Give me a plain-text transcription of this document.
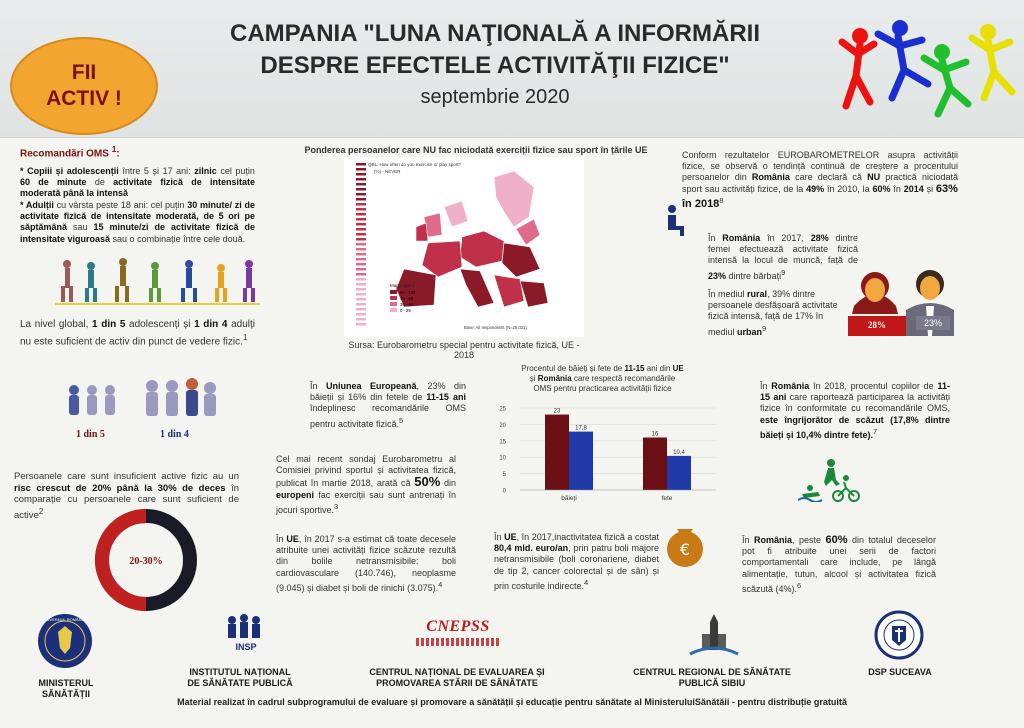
FII
ACTIV !
CAMPANIA "LUNA NAŢIONALĂ A INFORMĂRII
DESPRE EFECTELE ACTIVITĂŢII FIZICE"
septembrie 2020
Recomandări OMS $^1$:
* Copiii și adolescenții între 5 și 17 ani: zilnic cel puțin 60 de minute de activitate fizică de intensitate moderată până la intensă
* Adulții cu vârsta peste 18 ani: cel puțin 30 minute/ zi de activitate fizică de intensitate moderată, de 5 ori pe săptămână sau 15 minute/zi de activitate fizică de intensitate viguroasă sau o combinație între cele două.
La nivel global, 1 din 5 adolescenți și 1 din 4 adulți nu este suficient de activ din punct de vedere fizic.$^1$
1 din 5	1 din 4
Persoanele care sunt insuficient active fizic au un risc crescut de 20% până la 30% de deces în comparație cu persoanele care sunt suficient de active$^2$
20-30%
Ponderea persoanelor care NU fac niciodată exerciții fizice sau sport în țările UE
QB1. How often do you exercise or play sport?
(%) - NEVER
Map Legend
60 - 100
45 - 59
30 - 44
0 - 29
Base: All respondents (N=28,031)
Sursa: Eurobarometru special pentru activitate fizică, UE - 2018
În Uniunea Europeană, 23% din băieții și 16% din fetele de 11-15 ani îndeplinesc recomandările OMS pentru activitate fizică.$^5$
Cel mai recent sondaj Eurobarometru al Comisiei privind sportul și activitatea fizică, publicat în martie 2018, arată că 50% din europeni fac exerciții sau sunt antrenați în jocuri sportive.$^3$
În UE, în 2017 s-a estimat că toate decesele atribuite unei activități fizice scăzute rezultă din bolile netransmisibile: boli cardiovasculare (140.746), neoplasme (9.045) și diabet și boli de rinichi (3.075).$^4$
Procentul de băieți și fete de 11-15 ani din UE și România care respectă recomandările OMS pentru practicarea activității fizice
0
5
10
15
20
25	23
17,8
băieți
16
10,4
fete
€
În UE, în 2017,inactivitatea fizică a costat 80,4 mld. euro/an, prin patru boli majore netransmisibile (boli coronariene, diabet de tip 2, cancer colorectal și de sân) și prin costurile indirecte.$^4$
Conform rezultatelor EUROBAROMETRELOR asupra activității fizice, se observă o tendință continuă de creștere a procentului persoanelor din România care declară că NU practică niciodată sport sau activități fizice, de la 49% în 2010, la 60% în 2014 și 63% în 2018$^8$
În România în 2017, 28% dintre femei efectuează activitate fizică intensă la locul de muncă, față de 23% dintre bărbați$^9$
În mediul rural, 39% dintre persoanele desfășoară activitate fizică intensă, față de 17% în mediul urban$^9$	28%	23%
În România în 2018, procentul copiilor de 11-15 ani care raportează participarea la activități fizice în conformitate cu recomandările OMS, este îngrijorător de scăzut (17,8% dintre băieți și 10,4% dintre fete).$^7$
În România, peste 60% din totalul deceselor pot fi atribuite unei serii de factori comportamentali care include, pe lângă alimentație, tutun, alcool și activitatea fizică scăzută (4%).$^6$
GUVERNUL ROMÂNIEI
MINISTERUL SĂNĂTĂȚII
INSP
INSTITUTUL NAȚIONAL
DE SĂNĂTATE PUBLICĂ
CNEPSS
CENTRUL NAȚIONAL DE EVALUAREA ȘI
PROMOVAREA STĂRII DE SĂNĂTATE
CENTRUL REGIONAL DE SĂNĂTATE
PUBLICĂ SIBIU
DSP SUCEAVA
Material realizat în cadrul subprogramului de evaluare și promovare a sănătății și educație pentru sănătate al MinisteruluiSănătăii - pentru distribuție gratuită
